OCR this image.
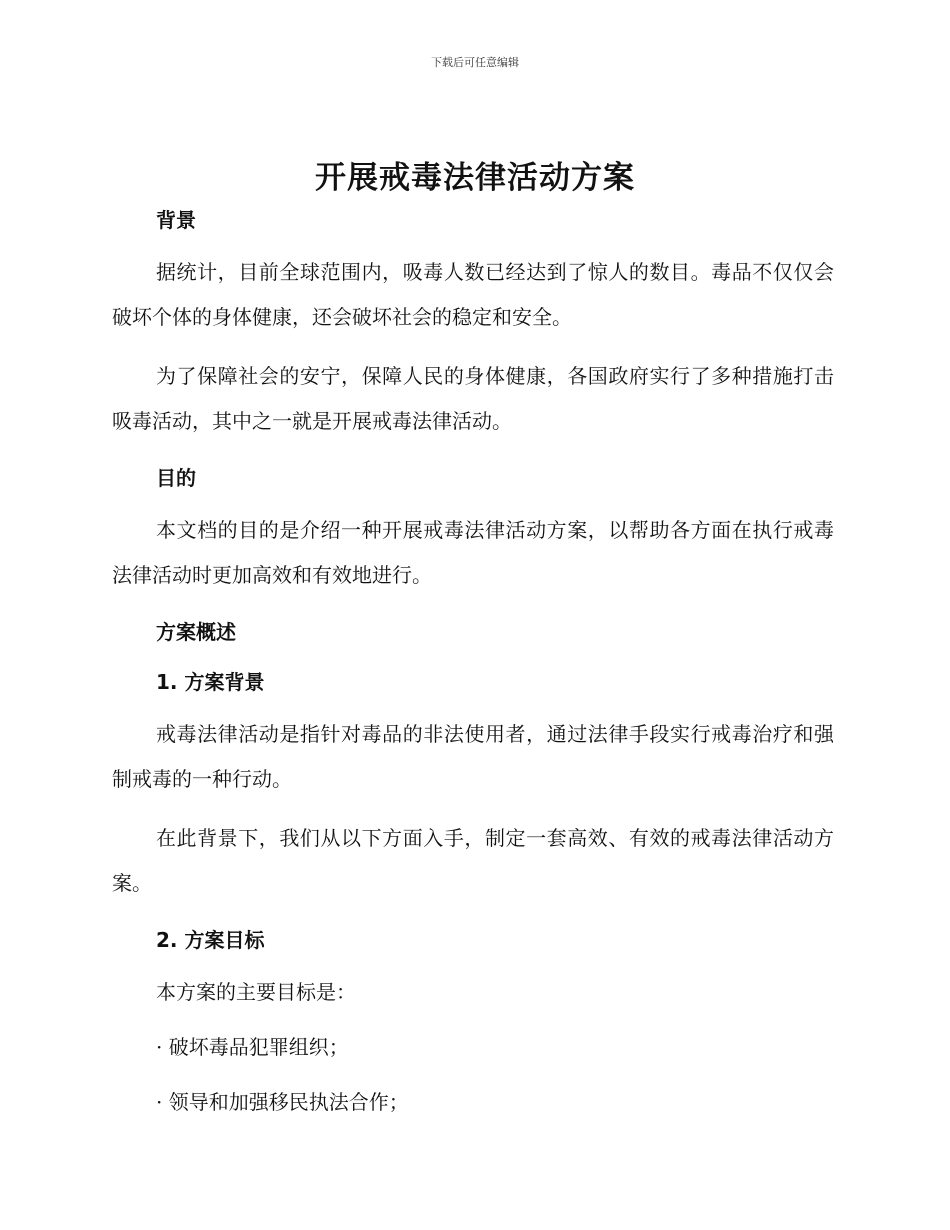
下载后可任意编辑
开展戒毒法律活动方案

背景

据统计，目前全球范围内，吸毒人数已经达到了惊人的数目。毒品不仅仅会破坏个体的身体健康，还会破坏社会的稳定和安全。

为了保障社会的安宁，保障人民的身体健康，各国政府实行了多种措施打击吸毒活动，其中之一就是开展戒毒法律活动。

目的

本文档的目的是介绍一种开展戒毒法律活动方案，以帮助各方面在执行戒毒法律活动时更加高效和有效地进行。

方案概述

1. 方案背景

戒毒法律活动是指针对毒品的非法使用者，通过法律手段实行戒毒治疗和强制戒毒的一种行动。

在此背景下，我们从以下方面入手，制定一套高效、有效的戒毒法律活动方案。

2. 方案目标

本方案的主要目标是：

· 破坏毒品犯罪组织；

· 领导和加强移民执法合作；
